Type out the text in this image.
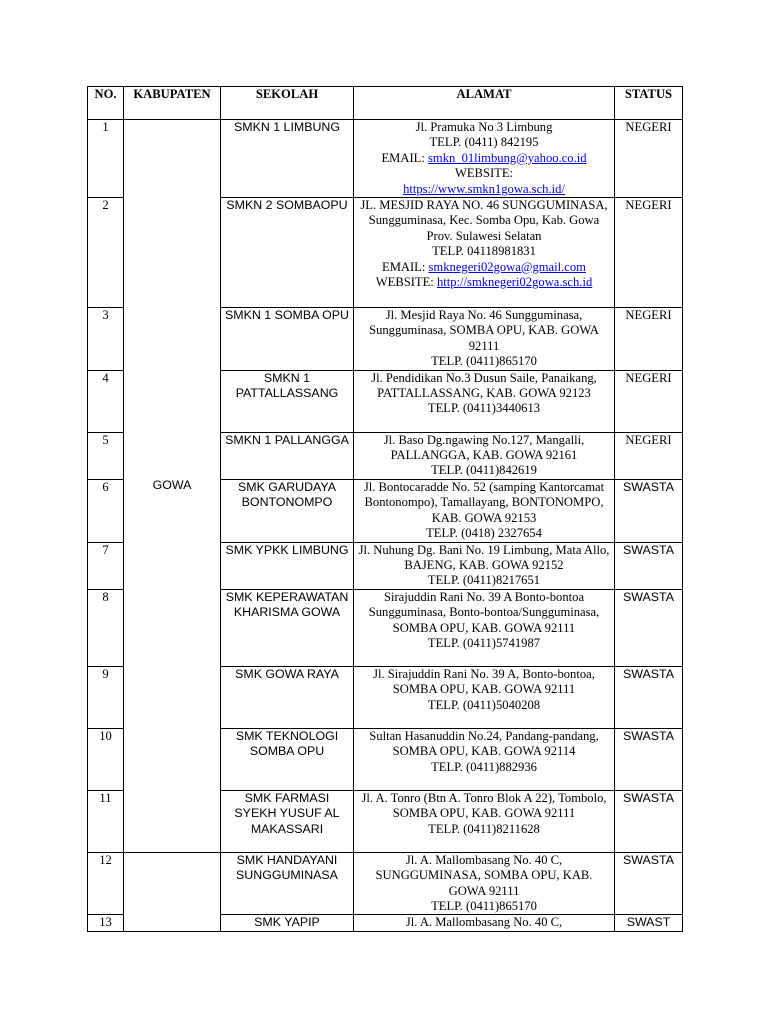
NO.	KABUPATEN	SEKOLAH	ALAMAT	STATUS
1	GOWA	SMKN 1 LIMBUNG	Jl. Pramuka No 3 Limbung
TELP. (0411) 842195
EMAIL: smkn_01limbung@yahoo.co.id
WEBSITE:
https://www.smkn1gowa.sch.id/	NEGERI
2		SMKN 2 SOMBAOPU	JL. MESJID RAYA NO. 46 SUNGGUMINASA, Sungguminasa, Kec. Somba Opu, Kab. Gowa Prov. Sulawesi Selatan
TELP. 04118981831
EMAIL: smknegeri02gowa@gmail.com
WEBSITE: http://smknegeri02gowa.sch.id	NEGERI
3		SMKN 1 SOMBA OPU	Jl. Mesjid Raya No. 46 Sungguminasa, Sungguminasa, SOMBA OPU, KAB. GOWA 92111
TELP. (0411)865170	NEGERI
4		SMKN 1 PATTALLASSANG	Jl. Pendidikan No.3 Dusun Saile, Panaikang, PATTALLASSANG, KAB. GOWA 92123
TELP. (0411)3440613	NEGERI
5		SMKN 1 PALLANGGA	Jl. Baso Dg.ngawing No.127, Mangalli, PALLANGGA, KAB. GOWA 92161
TELP. (0411)842619	NEGERI
6		SMK GARUDAYA BONTONOMPO	Jl. Bontocaradde No. 52 (samping Kantorcamat Bontonompo), Tamallayang, BONTONOMPO, KAB. GOWA 92153
TELP. (0418) 2327654	SWASTA
7		SMK YPKK LIMBUNG	Jl. Nuhung Dg. Bani No. 19 Limbung, Mata Allo, BAJENG, KAB. GOWA 92152
TELP. (0411)8217651	SWASTA
8		SMK KEPERAWATAN KHARISMA GOWA	Sirajuddin Rani No. 39 A Bonto-bontoa Sungguminasa, Bonto-bontoa/Sungguminasa, SOMBA OPU, KAB. GOWA 92111
TELP. (0411)5741987	SWASTA
9		SMK GOWA RAYA	Jl. Sirajuddin Rani No. 39 A, Bonto-bontoa, SOMBA OPU, KAB. GOWA 92111
TELP. (0411)5040208	SWASTA
10		SMK TEKNOLOGI SOMBA OPU	Sultan Hasanuddin No.24, Pandang-pandang, SOMBA OPU, KAB. GOWA 92114
TELP. (0411)882936	SWASTA
11		SMK FARMASI SYEKH YUSUF AL MAKASSARI	Jl. A. Tonro (Btn A. Tonro Blok A 22), Tombolo, SOMBA OPU, KAB. GOWA 92111
TELP. (0411)8211628	SWASTA
12		SMK HANDAYANI SUNGGUMINASA	Jl. A. Mallombasang No. 40 C, SUNGGUMINASA, SOMBA OPU, KAB. GOWA 92111
TELP. (0411)865170	SWASTA
13		SMK YAPIP	Jl. A. Mallombasang No. 40 C,	SWAST
